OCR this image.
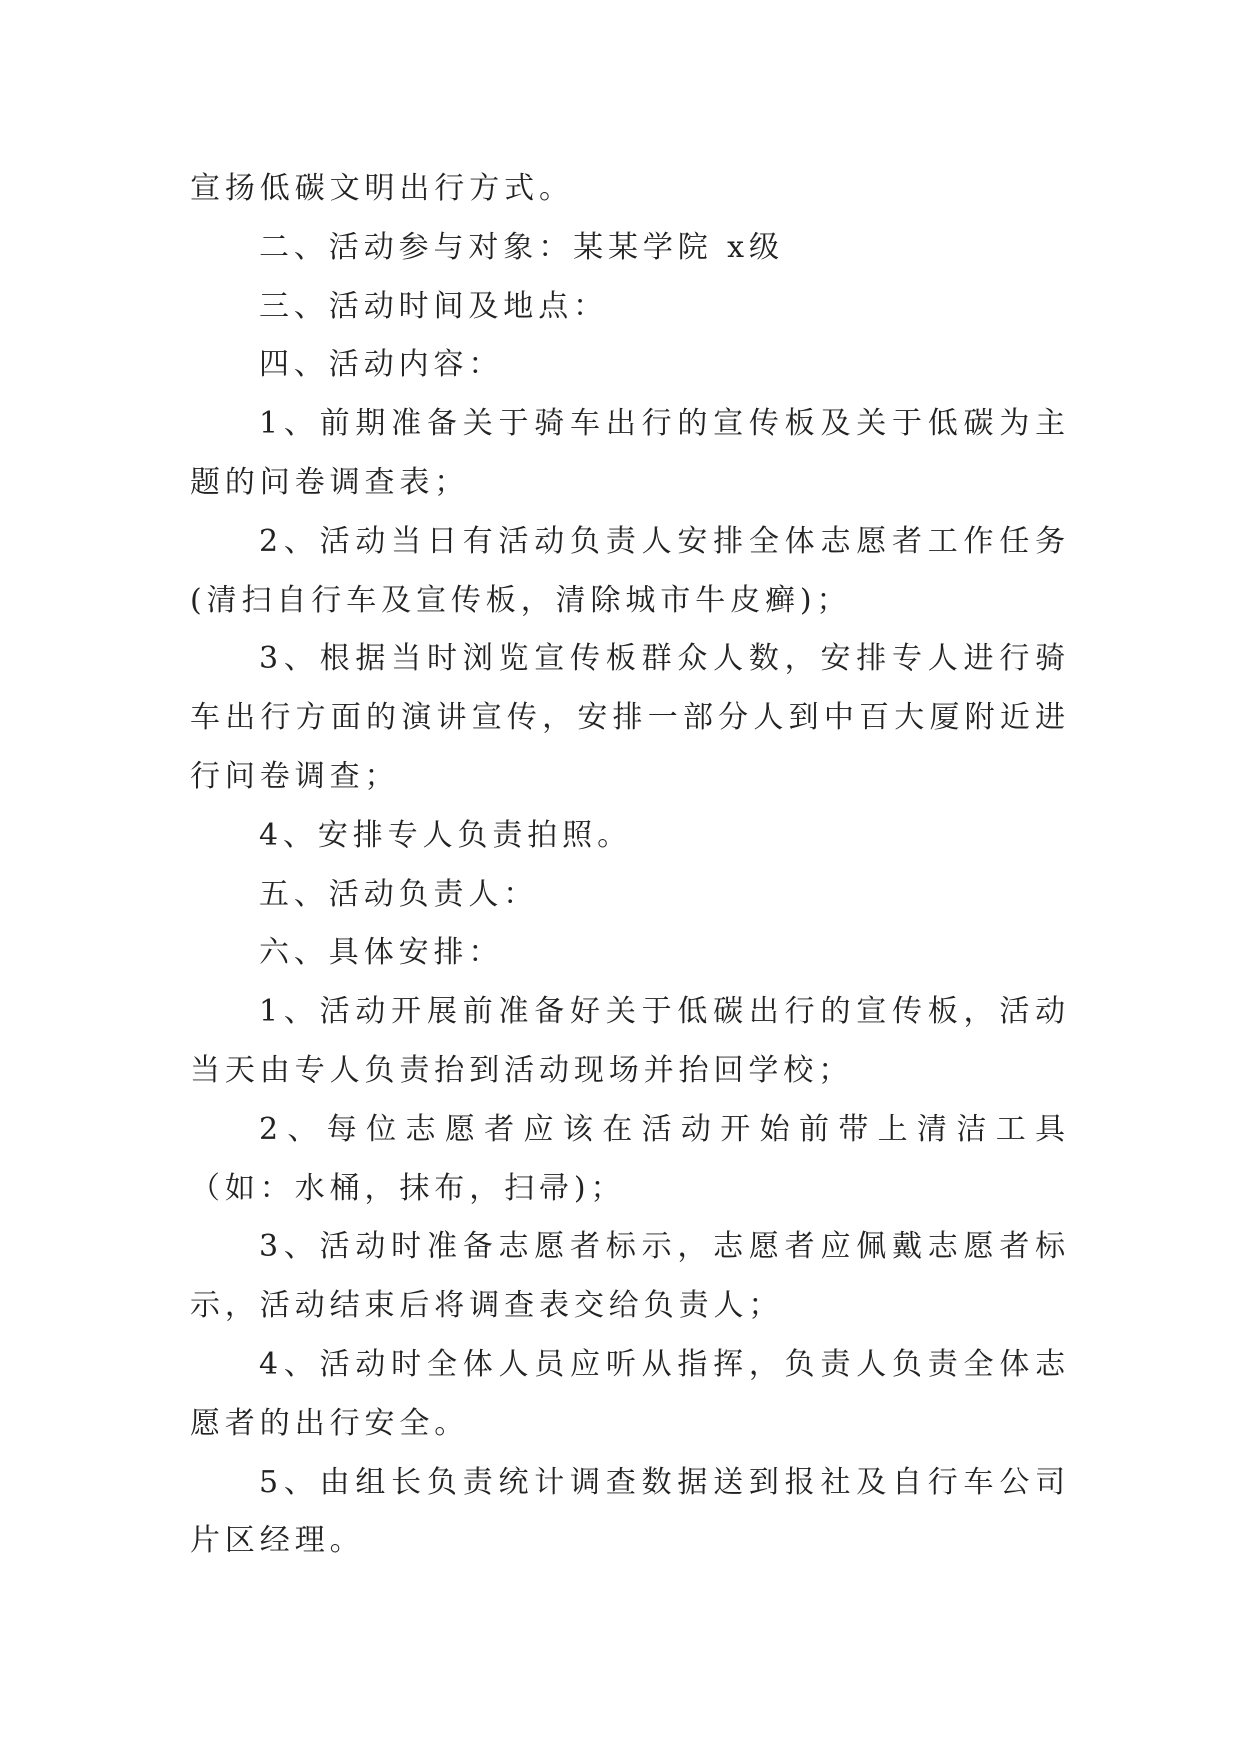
宣扬低碳文明出行方式。

二、活动参与对象：某某学院 x级

三、活动时间及地点：

四、活动内容：

1、前期准备关于骑车出行的宣传板及关于低碳为主题的问卷调查表；

2、活动当日有活动负责人安排全体志愿者工作任务(清扫自行车及宣传板，清除城市牛皮癣)；

3、根据当时浏览宣传板群众人数，安排专人进行骑车出行方面的演讲宣传，安排一部分人到中百大厦附近进行问卷调查；

4、安排专人负责拍照。

五、活动负责人：

六、具体安排：

1、活动开展前准备好关于低碳出行的宣传板，活动当天由专人负责抬到活动现场并抬回学校；

2、每位志愿者应该在活动开始前带上清洁工具（如：水桶，抹布，扫帚)；

3、活动时准备志愿者标示，志愿者应佩戴志愿者标示，活动结束后将调查表交给负责人；

4、活动时全体人员应听从指挥，负责人负责全体志愿者的出行安全。

5、由组长负责统计调查数据送到报社及自行车公司片区经理。
